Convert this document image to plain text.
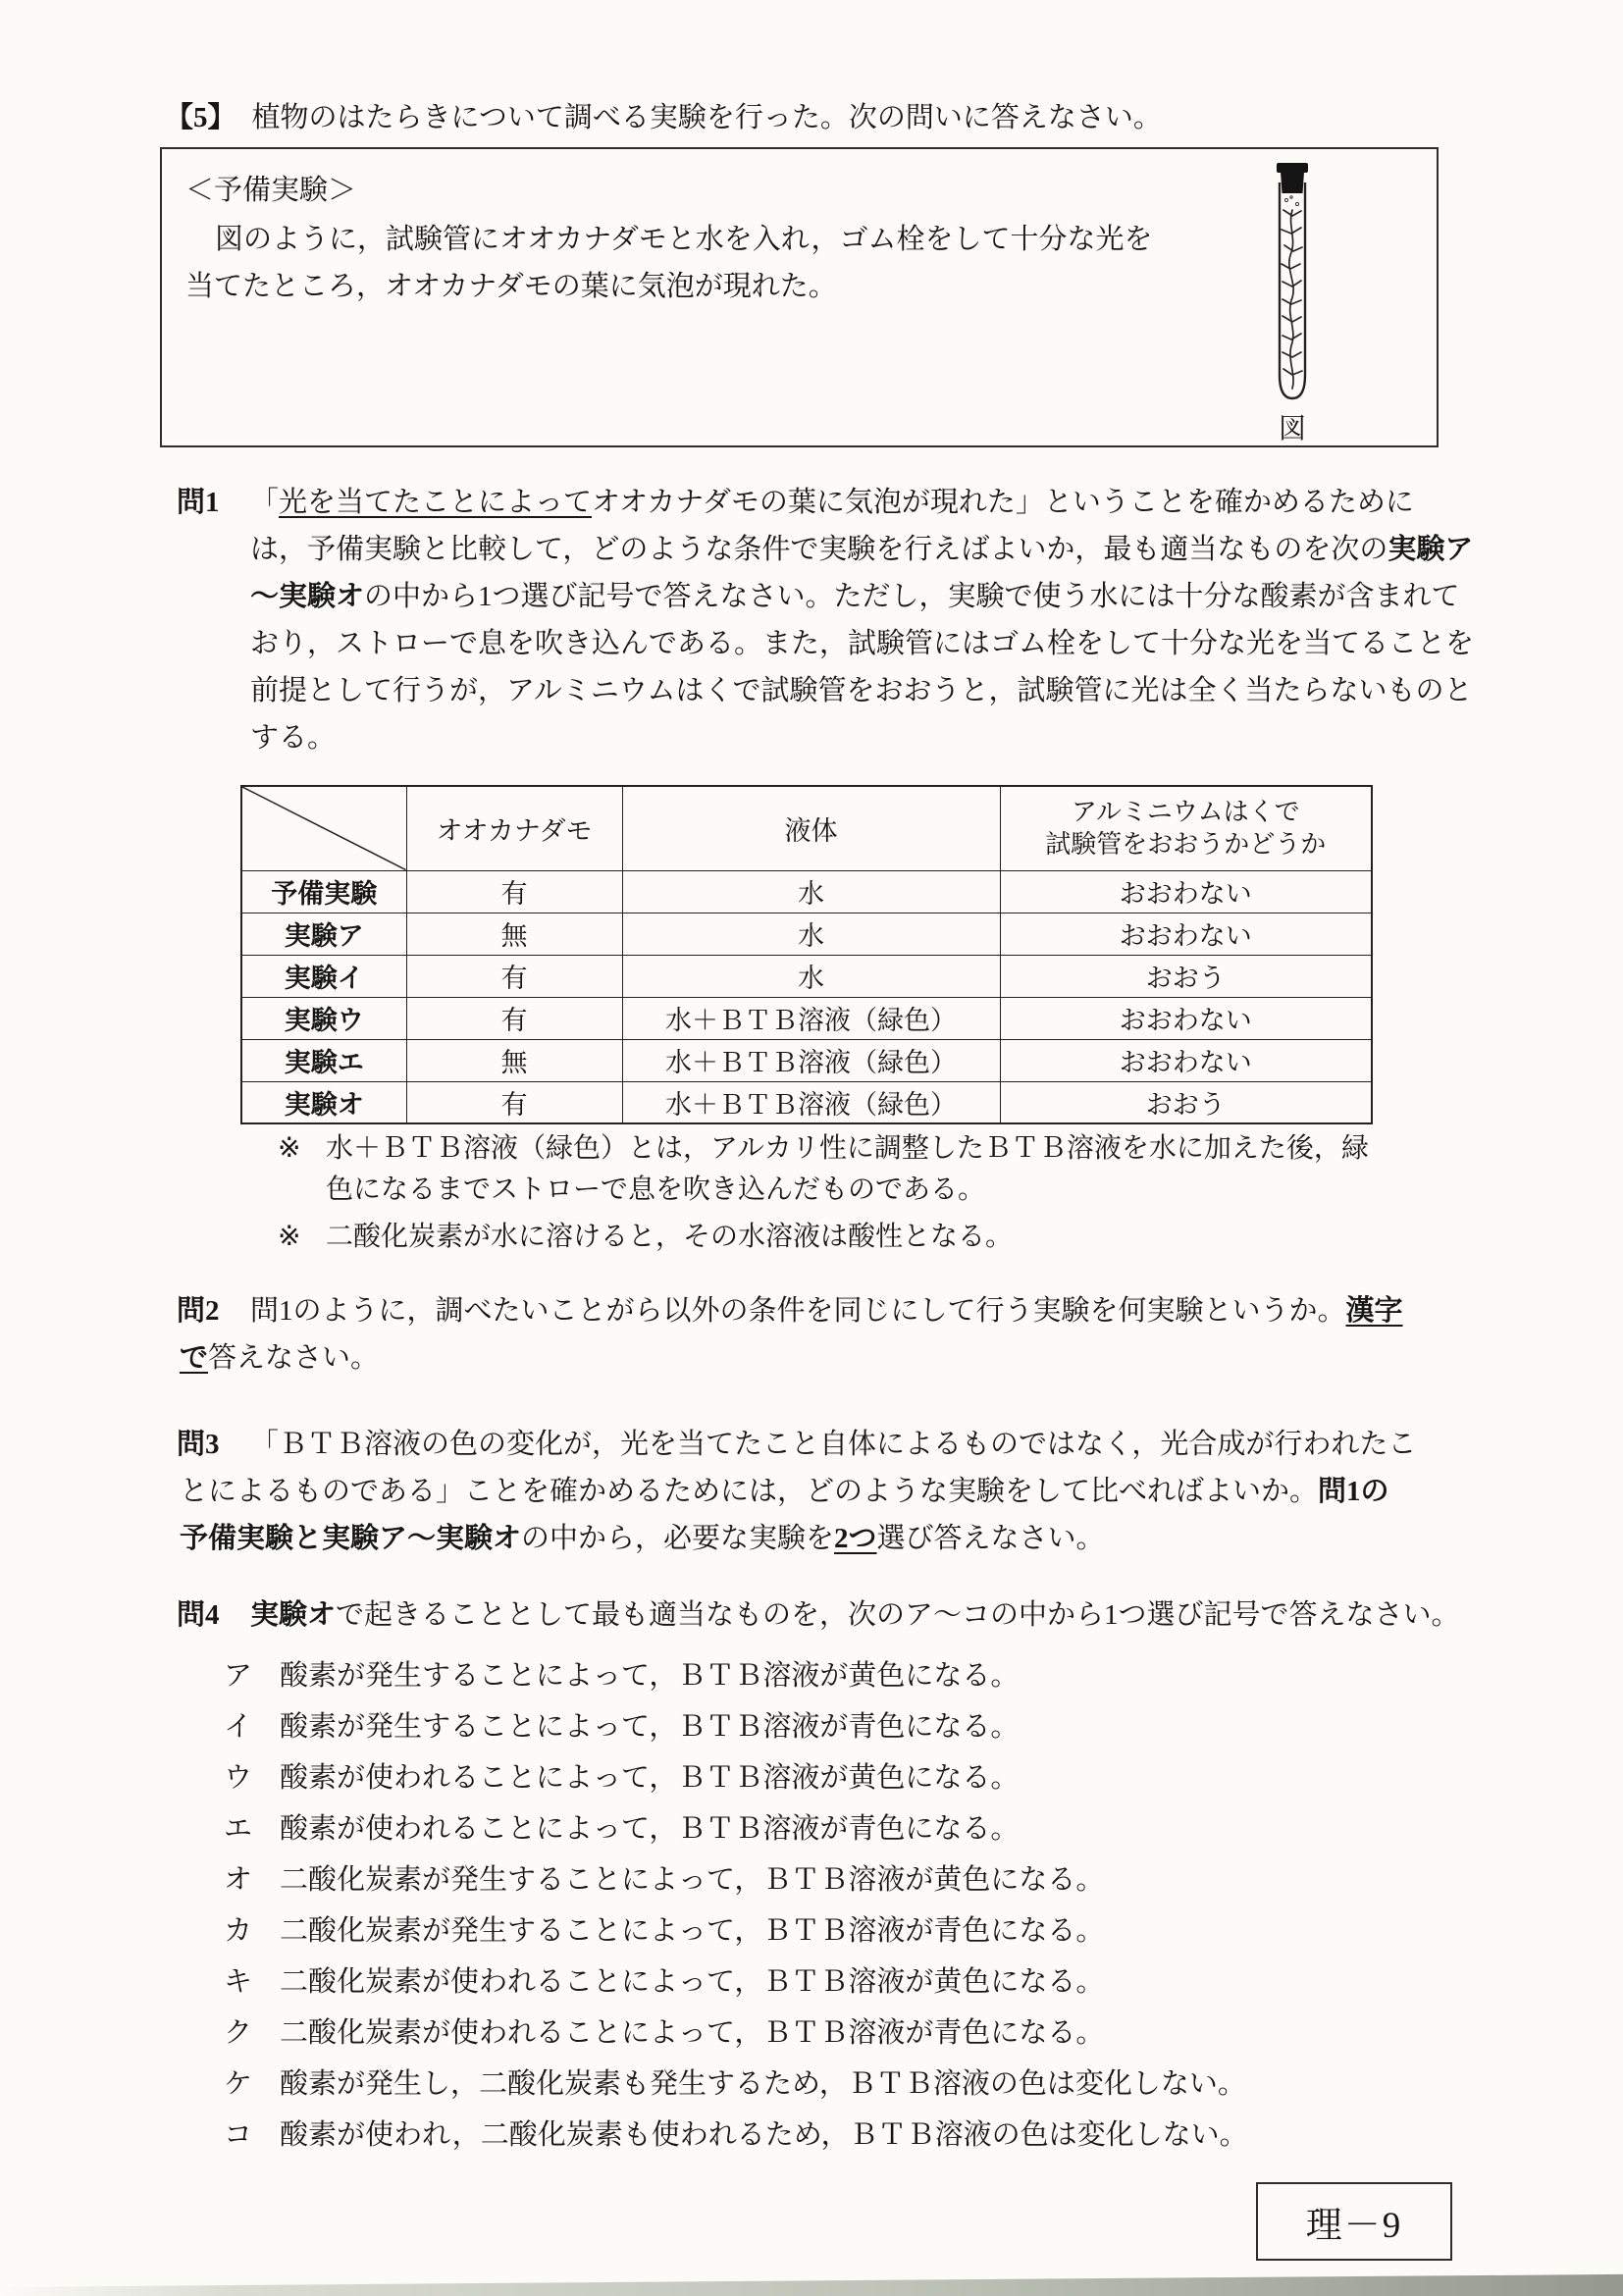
【5】 植物のはたらきについて調べる実験を行った。次の問いに答えなさい。
＜予備実験＞
図のように，試験管にオオカナダモと水を入れ，ゴム栓をして十分な光を
当てたところ，オオカナダモの葉に気泡が現れた。
図
問1 「光を当てたことによってオオカナダモの葉に気泡が現れた」ということを確かめるために
は，予備実験と比較して，どのような条件で実験を行えばよいか，最も適当なものを次の実験ア
～実験オの中から1つ選び記号で答えなさい。ただし，実験で使う水には十分な酸素が含まれて
おり，ストローで息を吹き込んである。また，試験管にはゴム栓をして十分な光を当てることを
前提として行うが，アルミニウムはくで試験管をおおうと，試験管に光は全く当たらないものと
する。
	オオカナダモ	液体	アルミニウムはくで
試験管をおおうかどうか

予備実験	有	水	おおわない
実験ア	無	水	おおわない
実験イ	有	水	おおう
実験ウ	有	水＋ＢＴＢ溶液（緑色）	おおわない
実験エ	無	水＋ＢＴＢ溶液（緑色）	おおわない
実験オ	有	水＋ＢＴＢ溶液（緑色）	おおう
※ 水＋ＢＴＢ溶液（緑色）とは，アルカリ性に調整したＢＴＢ溶液を水に加えた後，緑
色になるまでストローで息を吹き込んだものである。
※ 二酸化炭素が水に溶けると，その水溶液は酸性となる。
問2 問1のように，調べたいことがら以外の条件を同じにして行う実験を何実験というか。漢字
で答えなさい。
問3 「ＢＴＢ溶液の色の変化が，光を当てたこと自体によるものではなく，光合成が行われたこ
とによるものである」ことを確かめるためには，どのような実験をして比べればよいか。問1の
予備実験と実験ア～実験オの中から，必要な実験を2つ選び答えなさい。
問4 実験オで起きることとして最も適当なものを，次のア～コの中から1つ選び記号で答えなさい。
ア 酸素が発生することによって，ＢＴＢ溶液が黄色になる。
イ 酸素が発生することによって，ＢＴＢ溶液が青色になる。
ウ 酸素が使われることによって，ＢＴＢ溶液が黄色になる。
エ 酸素が使われることによって，ＢＴＢ溶液が青色になる。
オ 二酸化炭素が発生することによって，ＢＴＢ溶液が黄色になる。
カ 二酸化炭素が発生することによって，ＢＴＢ溶液が青色になる。
キ 二酸化炭素が使われることによって，ＢＴＢ溶液が黄色になる。
ク 二酸化炭素が使われることによって，ＢＴＢ溶液が青色になる。
ケ 酸素が発生し，二酸化炭素も発生するため，ＢＴＢ溶液の色は変化しない。
コ 酸素が使われ，二酸化炭素も使われるため，ＢＴＢ溶液の色は変化しない。
理－9
